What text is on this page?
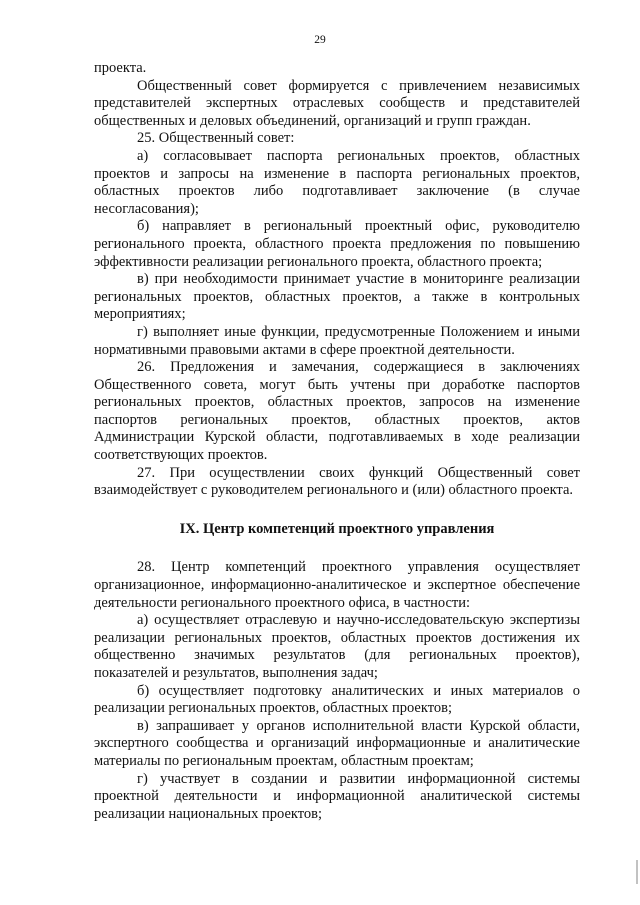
29

проекта.

Общественный совет формируется с привлечением независимых представителей экспертных отраслевых сообществ и представителей общественных и деловых объединений, организаций и групп граждан.

25. Общественный совет:

а) согласовывает паспорта региональных проектов, областных проектов и запросы на изменение в паспорта региональных проектов, областных проектов либо подготавливает заключение (в случае несогласования);

б) направляет в региональный проектный офис, руководителю регионального проекта, областного проекта предложения по повышению эффективности реализации регионального проекта, областного проекта;

в) при необходимости принимает участие в мониторинге реализации региональных проектов, областных проектов, а также в контрольных мероприятиях;

г) выполняет иные функции, предусмотренные Положением и иными нормативными правовыми актами в сфере проектной деятельности.

26. Предложения и замечания, содержащиеся в заключениях Общественного совета, могут быть учтены при доработке паспортов региональных проектов, областных проектов, запросов на изменение паспортов региональных проектов, областных проектов, актов Администрации Курской области, подготавливаемых в ходе реализации соответствующих проектов.

27. При осуществлении своих функций Общественный совет взаимодействует с руководителем регионального и (или) областного проекта.

IX. Центр компетенций проектного управления

28. Центр компетенций проектного управления осуществляет организационное, информационно-аналитическое и экспертное обеспечение деятельности регионального проектного офиса, в частности:

а) осуществляет отраслевую и научно-исследовательскую экспертизы реализации региональных проектов, областных проектов достижения их общественно значимых результатов (для региональных проектов), показателей и результатов, выполнения задач;

б) осуществляет подготовку аналитических и иных материалов о реализации региональных проектов, областных проектов;

в) запрашивает у органов исполнительной власти Курской области, экспертного сообщества и организаций информационные и аналитические материалы по региональным проектам, областным проектам;

г) участвует в создании и развитии информационной системы проектной деятельности и информационной аналитической системы реализации национальных проектов;
